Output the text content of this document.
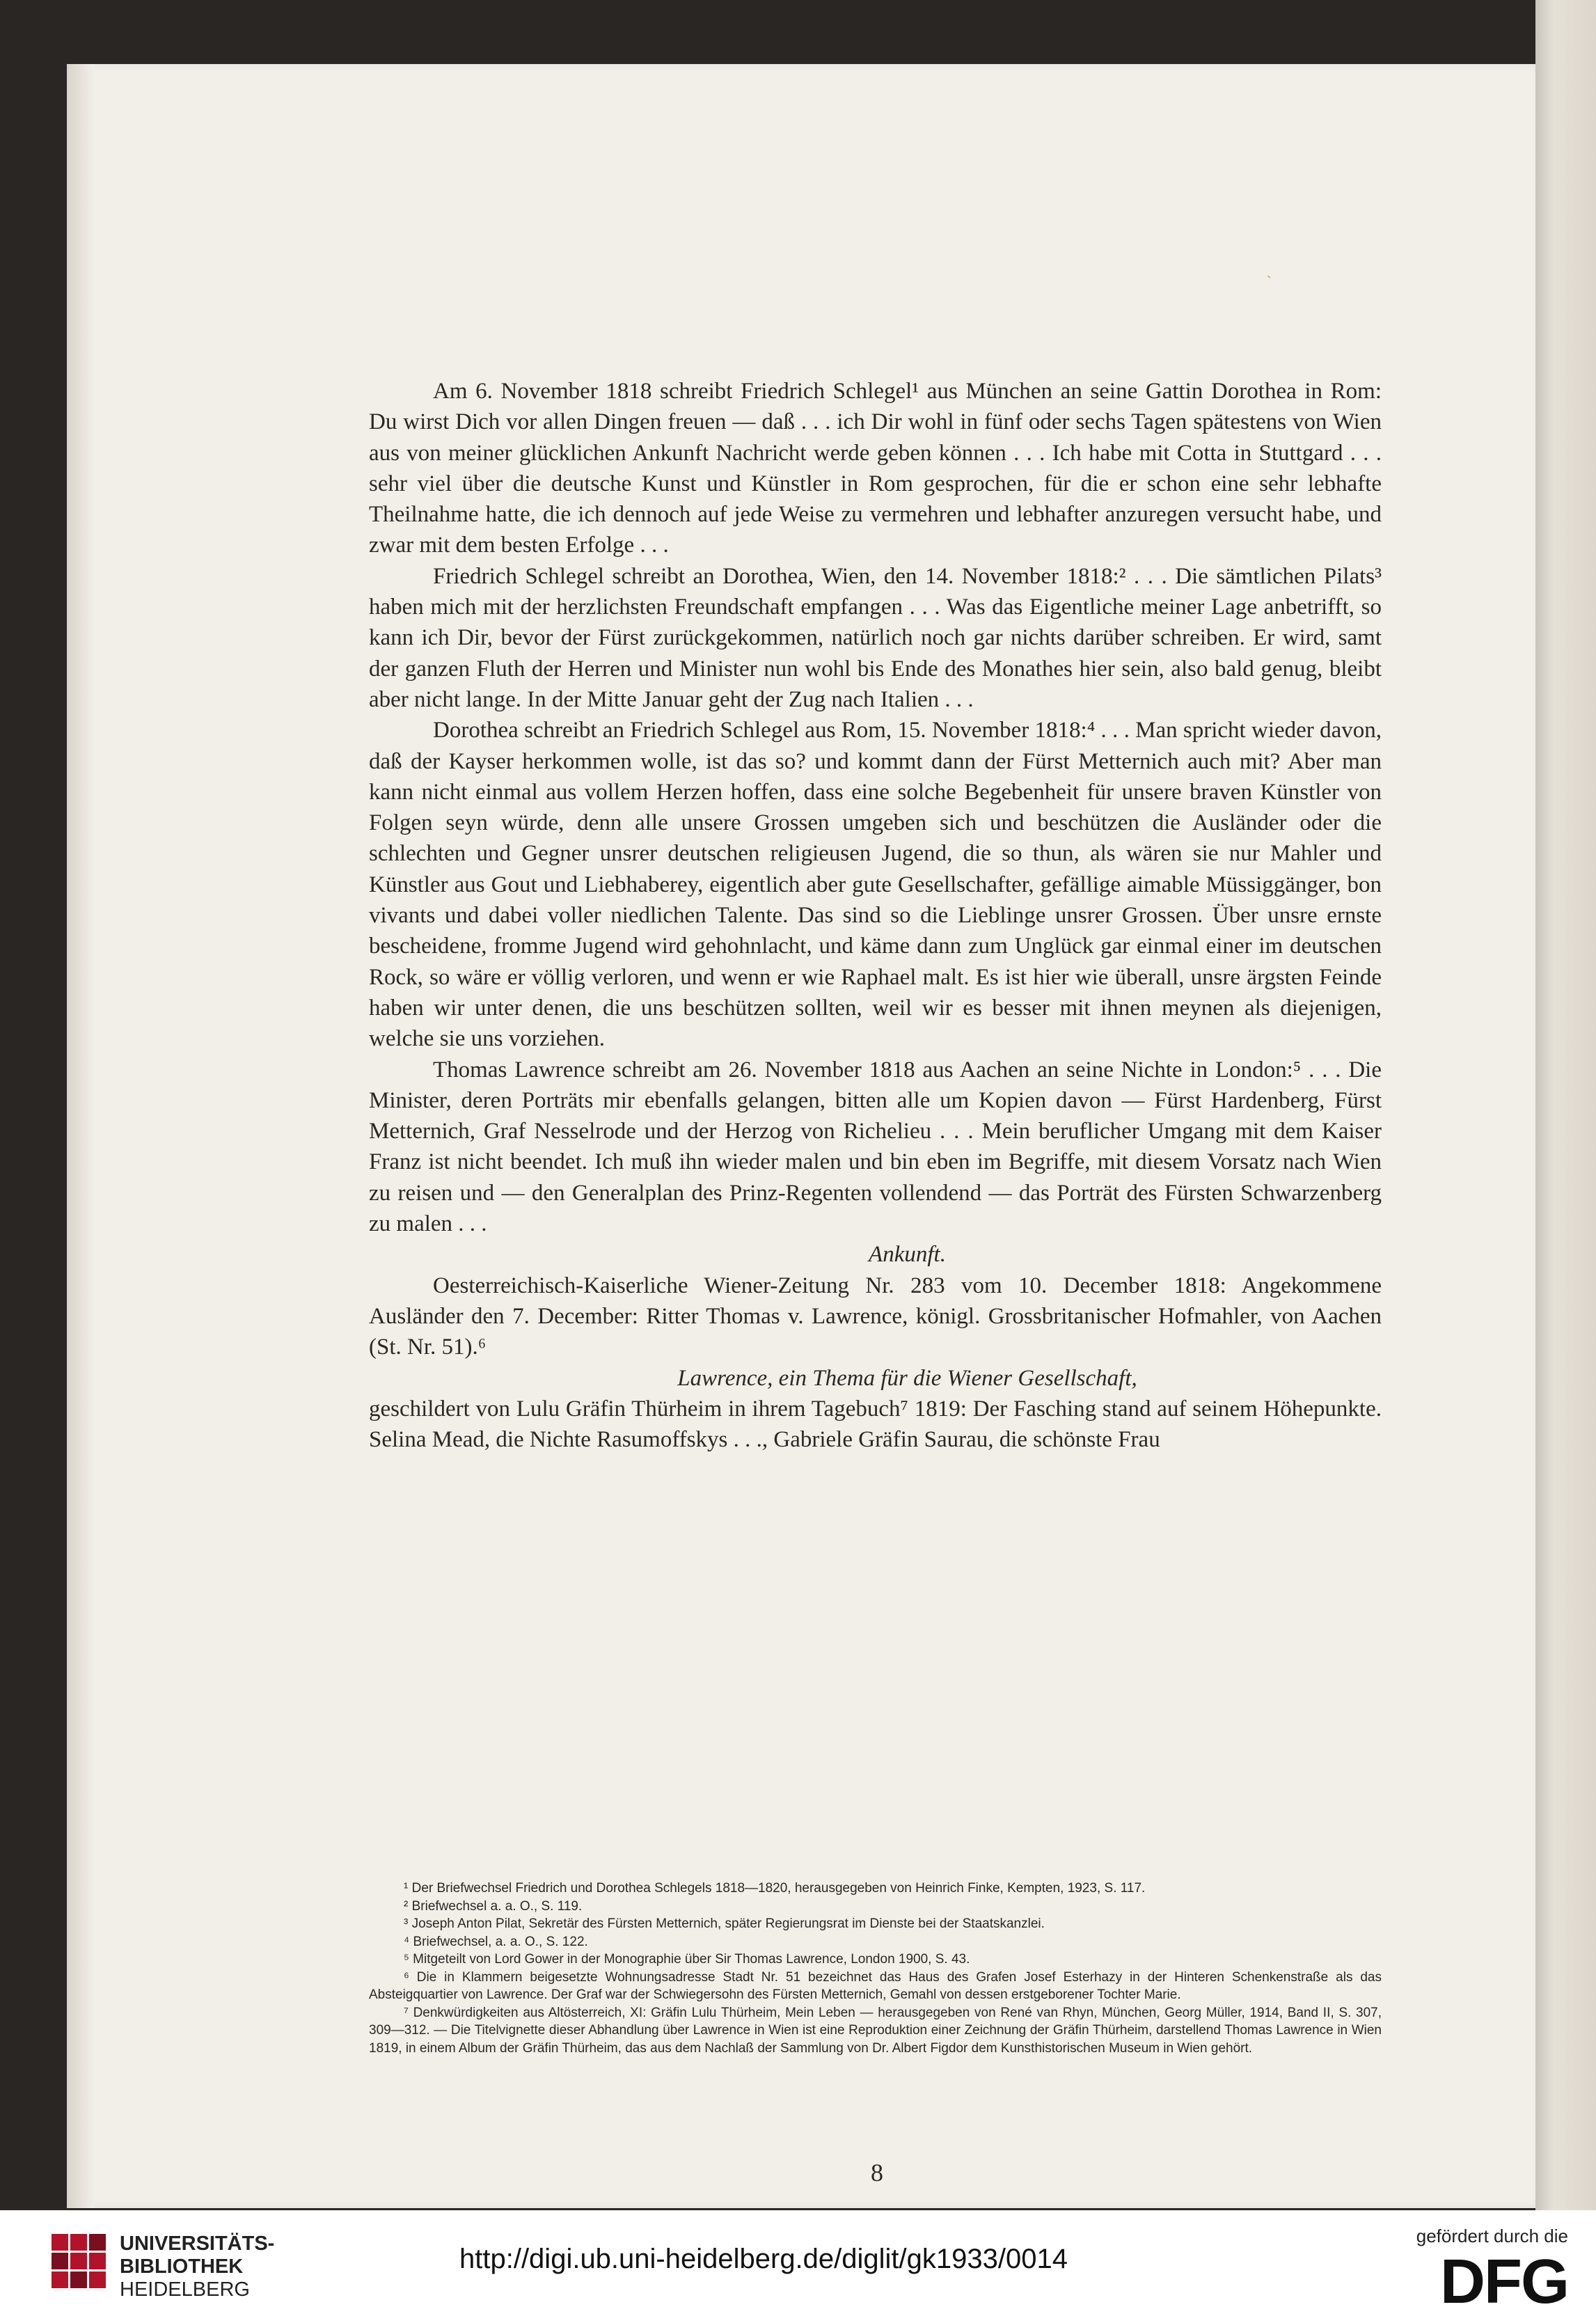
ˎ

Am 6. November 1818 schreibt Friedrich Schlegel¹ aus München an seine Gattin Dorothea in Rom: Du wirst Dich vor allen Dingen freuen — daß . . . ich Dir wohl in fünf oder sechs Tagen spätestens von Wien aus von meiner glücklichen Ankunft Nachricht werde geben können . . . Ich habe mit Cotta in Stuttgard . . . sehr viel über die deutsche Kunst und Künstler in Rom gesprochen, für die er schon eine sehr lebhafte Theilnahme hatte, die ich dennoch auf jede Weise zu vermehren und lebhafter anzuregen versucht habe, und zwar mit dem besten Erfolge . . .

Friedrich Schlegel schreibt an Dorothea, Wien, den 14. November 1818:² . . . Die sämtlichen Pilats³ haben mich mit der herzlichsten Freundschaft empfangen . . . Was das Eigentliche meiner Lage anbetrifft, so kann ich Dir, bevor der Fürst zurückgekommen, natürlich noch gar nichts darüber schreiben. Er wird, samt der ganzen Fluth der Herren und Minister nun wohl bis Ende des Monathes hier sein, also bald genug, bleibt aber nicht lange. In der Mitte Januar geht der Zug nach Italien . . .

Dorothea schreibt an Friedrich Schlegel aus Rom, 15. November 1818:⁴ . . . Man spricht wieder davon, daß der Kayser herkommen wolle, ist das so? und kommt dann der Fürst Metternich auch mit? Aber man kann nicht einmal aus vollem Herzen hoffen, dass eine solche Begebenheit für unsere braven Künstler von Folgen seyn würde, denn alle unsere Grossen umgeben sich und beschützen die Ausländer oder die schlechten und Gegner unsrer deutschen religieusen Jugend, die so thun, als wären sie nur Mahler und Künstler aus Gout und Liebhaberey, eigentlich aber gute Gesellschafter, gefällige aimable Müssiggänger, bon vivants und dabei voller niedlichen Talente. Das sind so die Lieblinge unsrer Grossen. Über unsre ernste bescheidene, fromme Jugend wird gehohnlacht, und käme dann zum Unglück gar einmal einer im deutschen Rock, so wäre er völlig verloren, und wenn er wie Raphael malt. Es ist hier wie überall, unsre ärgsten Feinde haben wir unter denen, die uns beschützen sollten, weil wir es besser mit ihnen meynen als diejenigen, welche sie uns vorziehen.

Thomas Lawrence schreibt am 26. November 1818 aus Aachen an seine Nichte in London:⁵ . . . Die Minister, deren Porträts mir ebenfalls gelangen, bitten alle um Kopien davon — Fürst Hardenberg, Fürst Metternich, Graf Nesselrode und der Herzog von Richelieu . . . Mein beruflicher Umgang mit dem Kaiser Franz ist nicht beendet. Ich muß ihn wieder malen und bin eben im Begriffe, mit diesem Vorsatz nach Wien zu reisen und — den Generalplan des Prinz-Regenten vollendend — das Porträt des Fürsten Schwarzenberg zu malen . . .

Ankunft.

Oesterreichisch-Kaiserliche Wiener-Zeitung Nr. 283 vom 10. December 1818: Angekommene Ausländer den 7. December: Ritter Thomas v. Lawrence, königl. Grossbritanischer Hofmahler, von Aachen (St. Nr. 51).⁶

Lawrence, ein Thema für die Wiener Gesellschaft,

geschildert von Lulu Gräfin Thürheim in ihrem Tagebuch⁷ 1819: Der Fasching stand auf seinem Höhepunkte. Selina Mead, die Nichte Rasumoffskys . . ., Gabriele Gräfin Saurau, die schönste Frau

¹ Der Briefwechsel Friedrich und Dorothea Schlegels 1818—1820, herausgegeben von Heinrich Finke, Kempten, 1923, S. 117.

² Briefwechsel a. a. O., S. 119.

³ Joseph Anton Pilat, Sekretär des Fürsten Metternich, später Regierungsrat im Dienste bei der Staatskanzlei.

⁴ Briefwechsel, a. a. O., S. 122.

⁵ Mitgeteilt von Lord Gower in der Monographie über Sir Thomas Lawrence, London 1900, S. 43.

⁶ Die in Klammern beigesetzte Wohnungsadresse Stadt Nr. 51 bezeichnet das Haus des Grafen Josef Esterhazy in der Hinteren Schenkenstraße als das Absteigquartier von Lawrence. Der Graf war der Schwiegersohn des Fürsten Metternich, Gemahl von dessen erstgeborener Tochter Marie.

⁷ Denkwürdigkeiten aus Altösterreich, XI: Gräfin Lulu Thürheim, Mein Leben — herausgegeben von René van Rhyn, München, Georg Müller, 1914, Band II, S. 307, 309—312. — Die Titelvignette dieser Abhandlung über Lawrence in Wien ist eine Reproduktion einer Zeichnung der Gräfin Thürheim, darstellend Thomas Lawrence in Wien 1819, in einem Album der Gräfin Thürheim, das aus dem Nachlaß der Sammlung von Dr. Albert Figdor dem Kunsthistorischen Museum in Wien gehört.

8
UNIVERSITÄTS-
BIBLIOTHEK

HEIDELBERG
http://digi.ub.uni-heidelberg.de/diglit/gk1933/0014
gefördert durch die
DFG
